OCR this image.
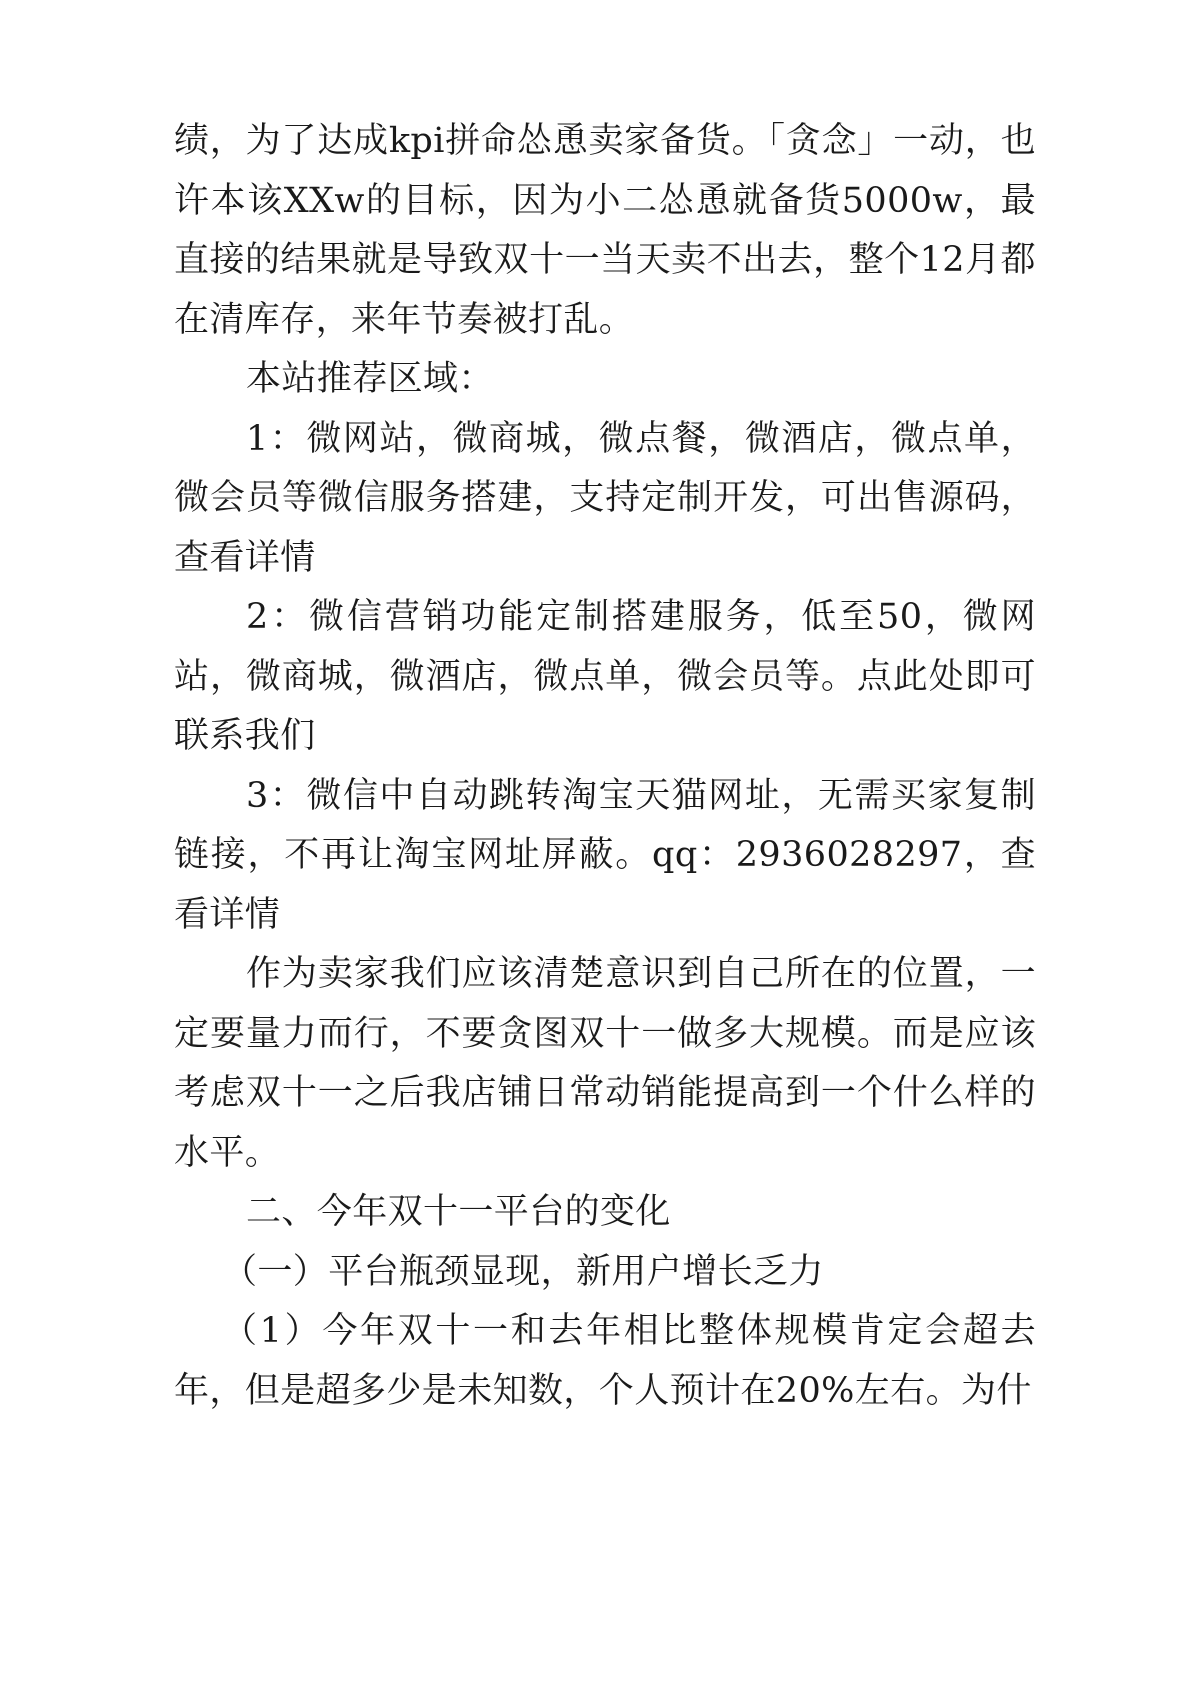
绩，为了达成kpi拼命怂恿卖家备货。「贪念」一动，也许本该XXw的目标，因为小二怂恿就备货5000w，最直接的结果就是导致双十一当天卖不出去，整个12月都在清库存，来年节奏被打乱。

本站推荐区域：

1：微网站，微商城，微点餐，微酒店，微点单，微会员等微信服务搭建，支持定制开发，可出售源码，查看详情

2：微信营销功能定制搭建服务，低至50，微网站，微商城，微酒店，微点单，微会员等。点此处即可联系我们

3：微信中自动跳转淘宝天猫网址，无需买家复制链接，不再让淘宝网址屏蔽。qq：2936028297，查看详情

作为卖家我们应该清楚意识到自己所在的位置，一定要量力而行，不要贪图双十一做多大规模。而是应该考虑双十一之后我店铺日常动销能提高到一个什么样的水平。

二、今年双十一平台的变化

（一）平台瓶颈显现，新用户增长乏力

（1）今年双十一和去年相比整体规模肯定会超去年，但是超多少是未知数，个人预计在20%左右。为什
